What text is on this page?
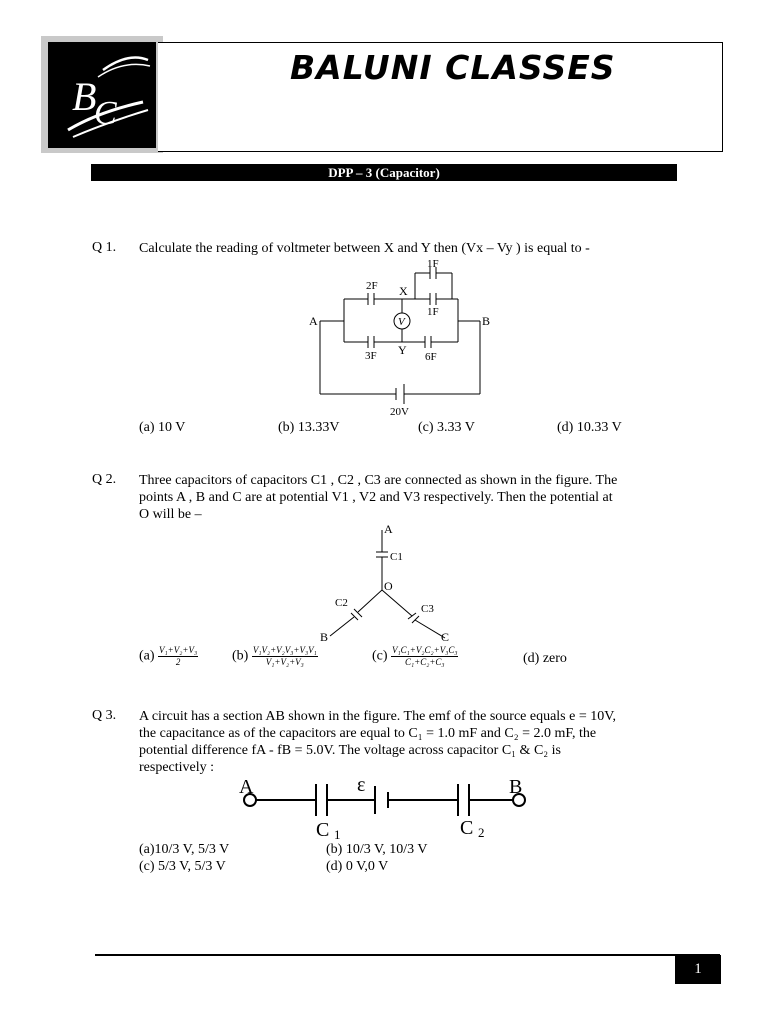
B
C
BALUNI CLASSES
DPP – 3 (Capacitor)
Q 1. Calculate the reading of voltmeter between X and Y then (Vx – Vy ) is equal to -
V
A	B
X
Y
2F
1F
1F
3F	6F
20V
(a) 10 V	(b) 13.33V	(c) 3.33 V	(d) 10.33 V
Q 2. Three capacitors of capacitors C1 , C2 , C3 are connected as shown in the figure. The
points A , B and C are at potential V1 , V2 and V3 respectively. Then the potential at
O will be –
A
C1
O
C2	C3
B	C
$(a) \frac{\text{V₁+V₂+V₃}}{2} (b) \frac{\text{V₁V₂+V₂V₃+V₃V₁}}{\text{V₁+V₂+V₃}}$	$(c) \frac{\text{V₁C₁+V₂C₂+V₃C₃}}{\text{C₁+C₂+C₃}}$	(d) zero
Q 3. A circuit has a section AB shown in the figure. The emf of the source equals e = 10V,
the capacitance as of the capacitors are equal to C₁ = 1.0 mF and C₂ = 2.0 mF, the
potential difference fA - fB = 5.0V. The voltage across capacitor C₁ & C₂ is
respectively :
A	B
ε
C 1	C 2
(a)10/3 V, 5/3 V	(b) 10/3 V, 10/3 V
(c) 5/3 V, 5/3 V	(d) 0 V,0 V
1
